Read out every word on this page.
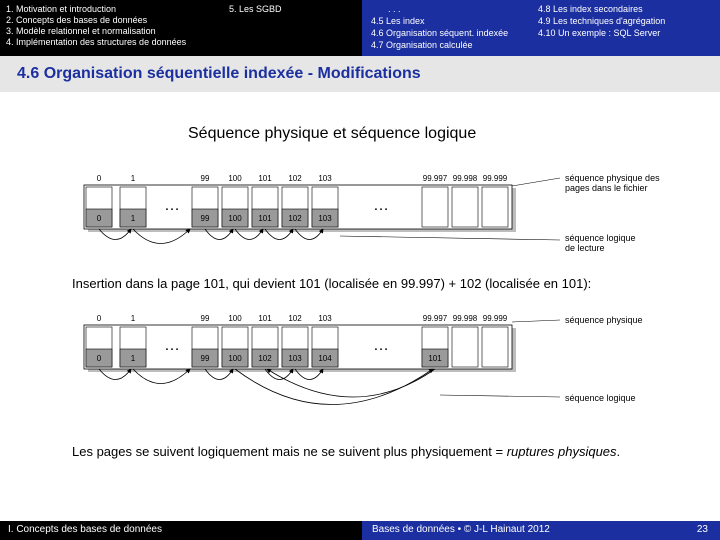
1. Motivation et introduction
2. Concepts des bases de données
3. Modèle relationnel et normalisation
4. Implémentation des structures de données
5. Les SGBD	. . .	4.8 Les index secondaires
4.5 Les index	4.9 Les techniques d'agrégation
4.6 Organisation séquent. indexée	4.10 Un exemple : SQL Server
4.7 Organisation calculée
4.6 Organisation séquentielle indexée - Modifications
Séquence physique et séquence logique
0	1	99 100 101 102 103	99.997 99.998 99.999
0	1	99 100 101 102 103
…	…
séquence physique des pages dans le fichier
séquence logique de lecture
Insertion dans la page 101, qui devient 101 (localisée en 99.997) + 102 (localisée en 101):
0	1	99 100 101 102 103	99.997 99.998 99.999
0	1	99 100 102 103 104	101
…	…
séquence physique
séquence logique
Les pages se suivent logiquement mais ne se suivent plus physiquement = ruptures physiques.
I. Concepts des bases de données	Bases de données • © J-L Hainaut 2012	23
